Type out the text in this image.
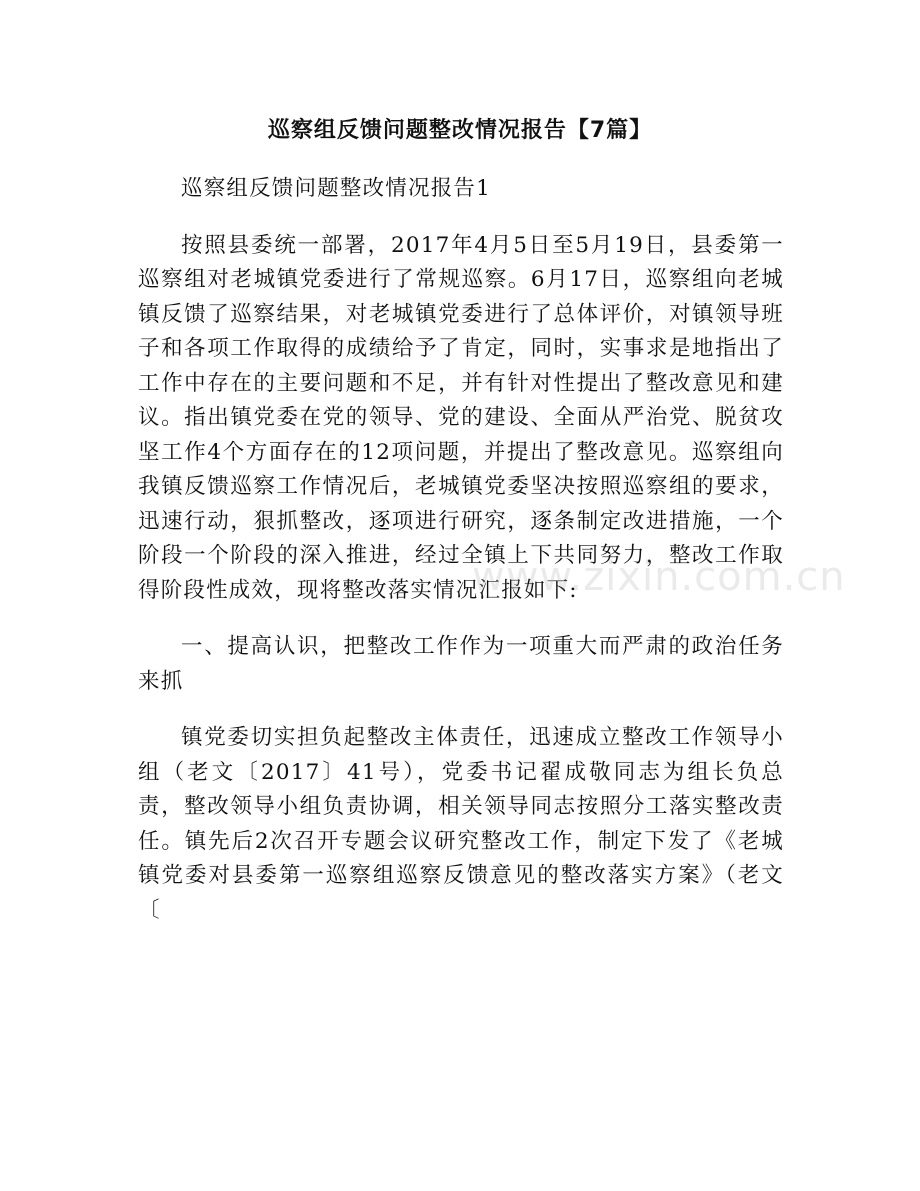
巡察组反馈问题整改情况报告【7篇】

巡察组反馈问题整改情况报告1

按照县委统一部署，2017年4月5日至5月19日，县委第一巡察组对老城镇党委进行了常规巡察。6月17日，巡察组向老城镇反馈了巡察结果，对老城镇党委进行了总体评价，对镇领导班子和各项工作取得的成绩给予了肯定，同时，实事求是地指出了工作中存在的主要问题和不足，并有针对性提出了整改意见和建议。指出镇党委在党的领导、党的建设、全面从严治党、脱贫攻坚工作4个方面存在的12项问题，并提出了整改意见。巡察组向我镇反馈巡察工作情况后，老城镇党委坚决按照巡察组的要求，迅速行动，狠抓整改，逐项进行研究，逐条制定改进措施，一个阶段一个阶段的深入推进，经过全镇上下共同努力，整改工作取得阶段性成效，现将整改落实情况汇报如下:

一、提高认识，把整改工作作为一项重大而严肃的政治任务来抓

镇党委切实担负起整改主体责任，迅速成立整改工作领导小组（老文〔2017〕41号），党委书记翟成敬同志为组长负总责，整改领导小组负责协调，相关领导同志按照分工落实整改责任。镇先后2次召开专题会议研究整改工作，制定下发了《老城镇党委对县委第一巡察组巡察反馈意见的整改落实方案》（老文〔

www.zixin.com.cn
